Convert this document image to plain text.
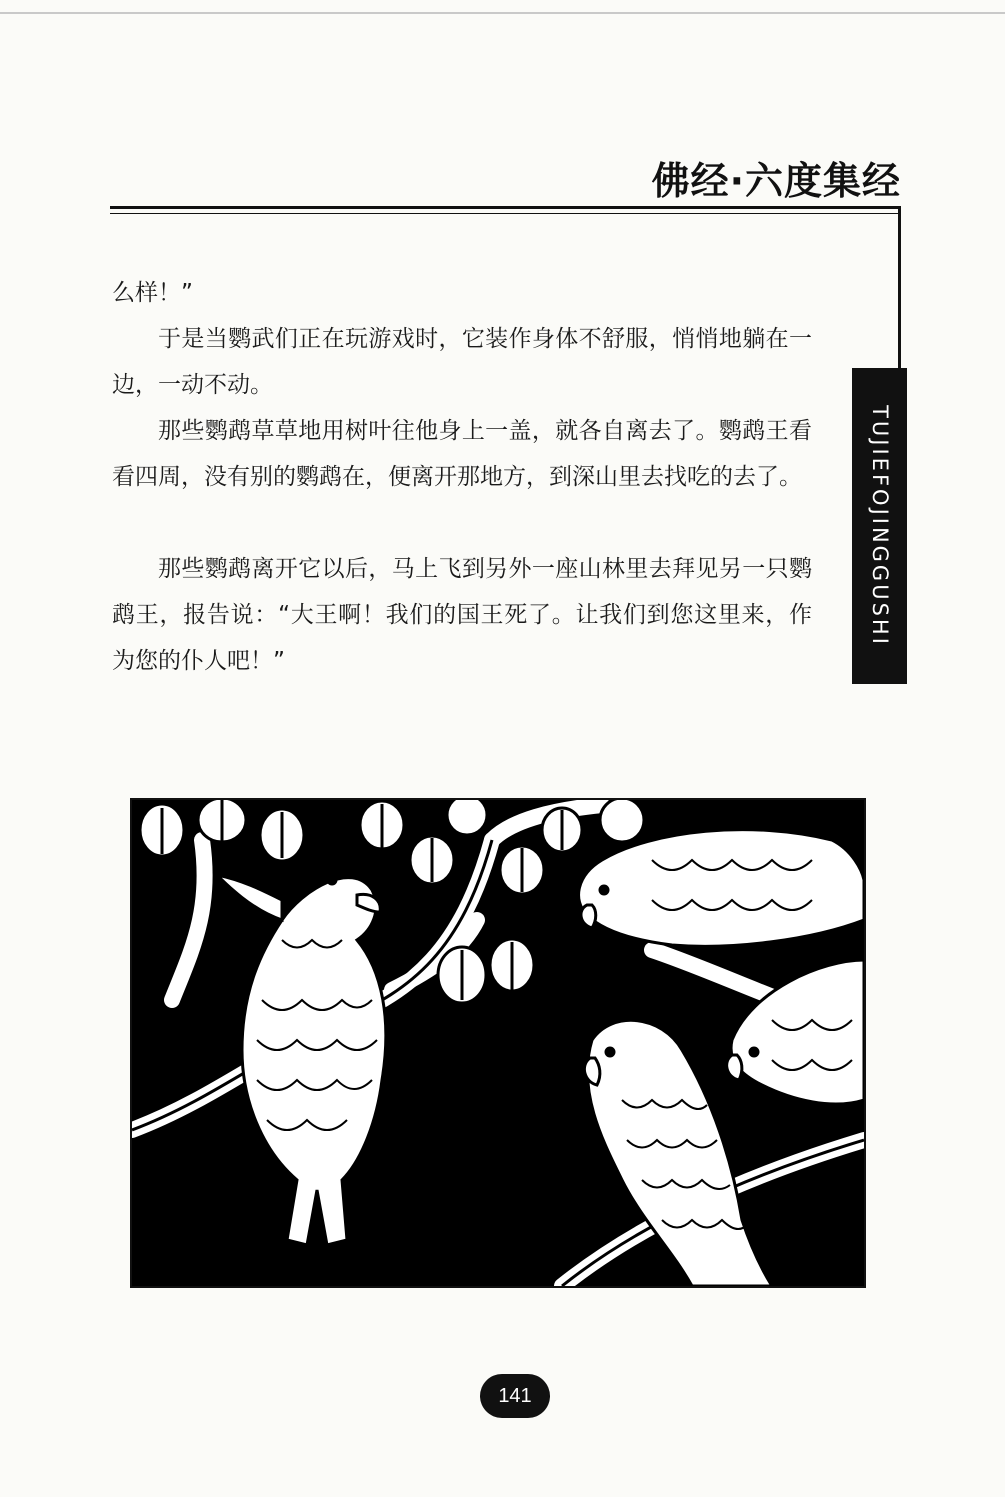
佛经·六度集经
TUJIEFOJINGGUSHI

么样！”

于是当鹦武们正在玩游戏时，它装作身体不舒服，悄悄地躺在一边，一动不动。

那些鹦鹉草草地用树叶往他身上一盖，就各自离去了。鹦鹉王看看四周，没有别的鹦鹉在，便离开那地方，到深山里去找吃的去了。

那些鹦鹉离开它以后，马上飞到另外一座山林里去拜见另一只鹦鹉王，报告说：“大王啊！我们的国王死了。让我们到您这里来，作为您的仆人吧！”

141
